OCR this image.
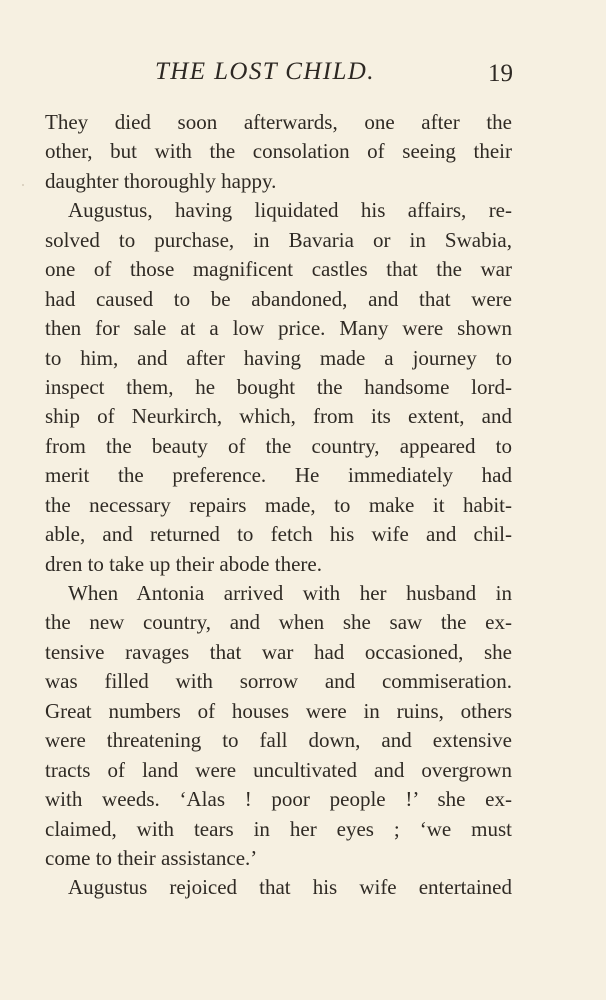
THE LOST CHILD.	19
They died soon afterwards, one after the
other, but with the consolation of seeing their
daughter thoroughly happy.
Augustus, having liquidated his affairs, re-
solved to purchase, in Bavaria or in Swabia,
one of those magnificent castles that the war
had caused to be abandoned, and that were
then for sale at a low price. Many were shown
to him, and after having made a journey to
inspect them, he bought the handsome lord-
ship of Neurkirch, which, from its extent, and
from the beauty of the country, appeared to
merit the preference. He immediately had
the necessary repairs made, to make it habit-
able, and returned to fetch his wife and chil-
dren to take up their abode there.
When Antonia arrived with her husband in
the new country, and when she saw the ex-
tensive ravages that war had occasioned, she
was filled with sorrow and commiseration.
Great numbers of houses were in ruins, others
were threatening to fall down, and extensive
tracts of land were uncultivated and overgrown
with weeds. ‘Alas ! poor people !’ she ex-
claimed, with tears in her eyes ; ‘we must
come to their assistance.’
Augustus rejoiced that his wife entertained
